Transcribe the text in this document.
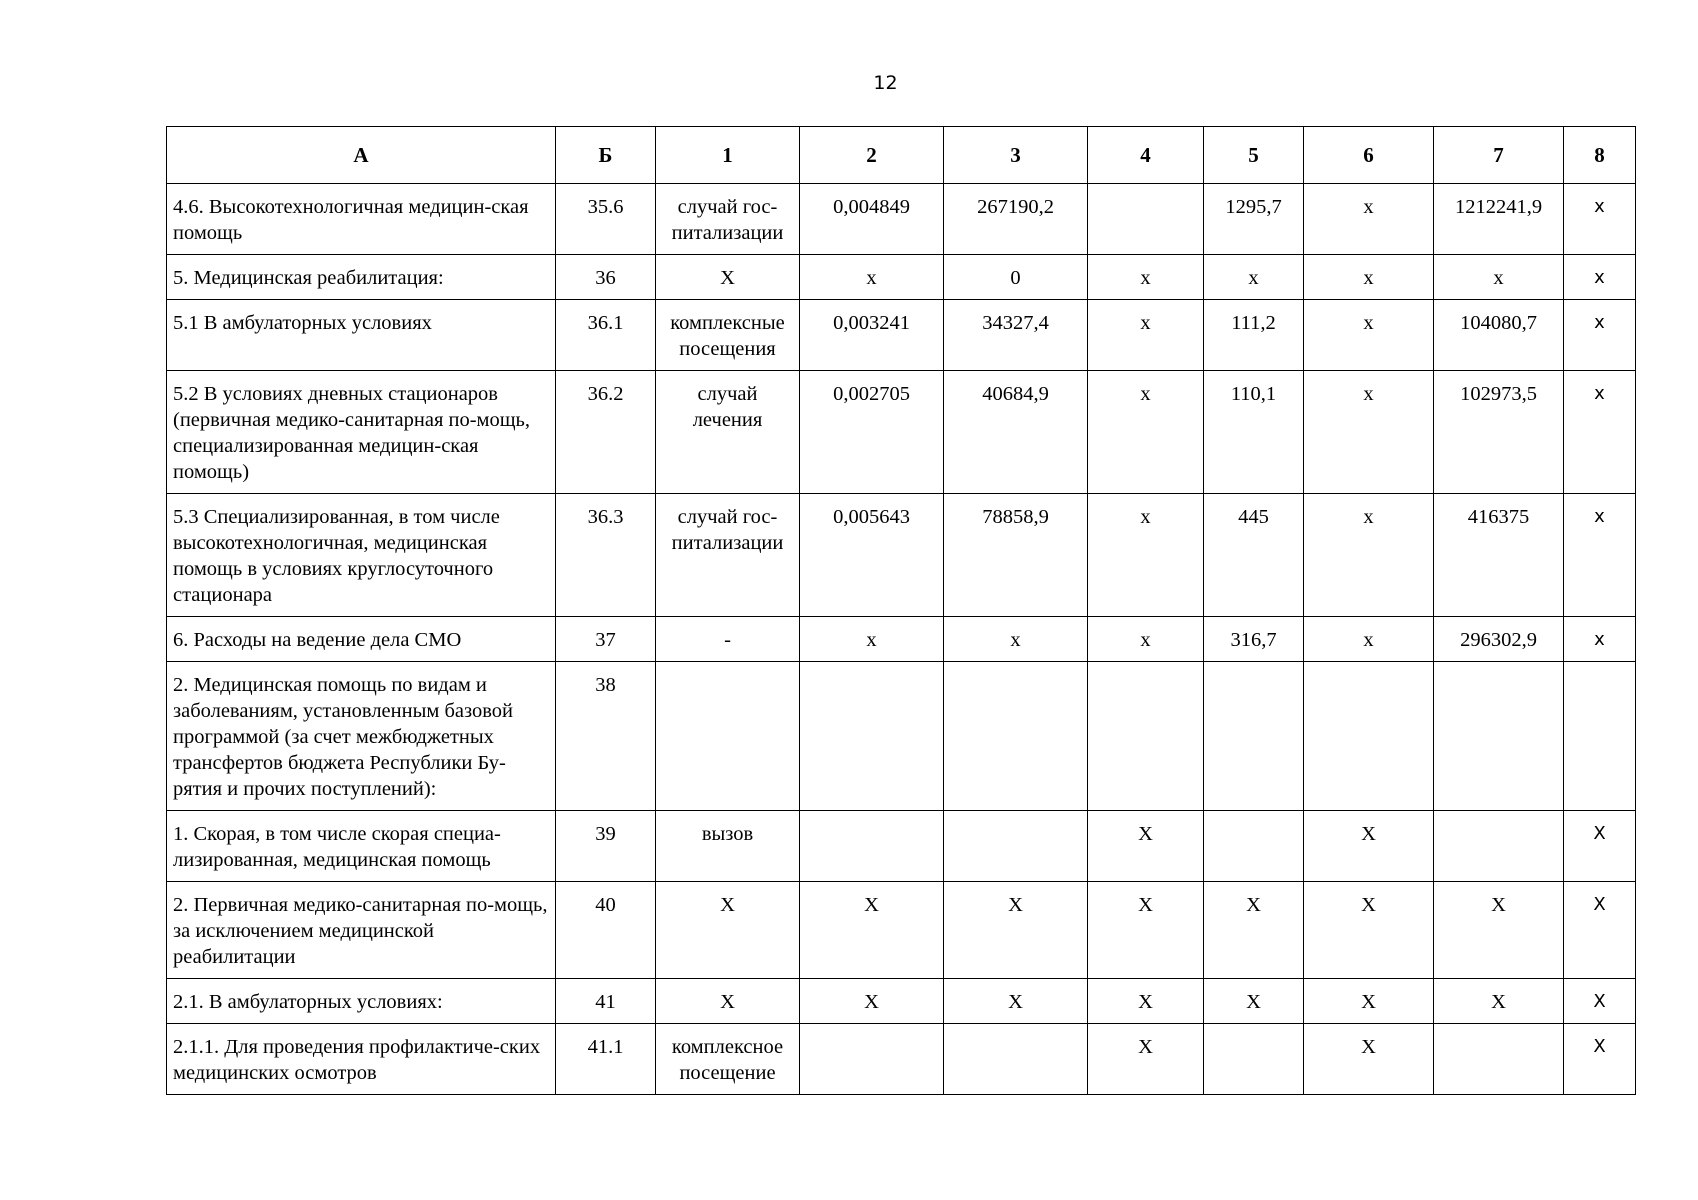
12
А	Б	1	2	3	4	5	6	7	8
4.6. Высокотехнологичная медицин-ская помощь	35.6	случай гос-питализации	0,004849	267190,2		1295,7	х	1212241,9	х
5. Медицинская реабилитация:	36	Х	х	0	х	х	х	х	х
5.1 В амбулаторных условиях	36.1	комплексные посещения	0,003241	34327,4	х	111,2	х	104080,7	х
5.2 В условиях дневных стационаров (первичная медико-санитарная по-мощь, специализированная медицин-ская помощь)	36.2	случай лечения	0,002705	40684,9	х	110,1	х	102973,5	х
5.3 Специализированная, в том числе высокотехнологичная, медицинская помощь в условиях круглосуточного стационара	36.3	случай гос-питализации	0,005643	78858,9	х	445	х	416375	х
6. Расходы на ведение дела СМО	37	-	х	х	х	316,7	х	296302,9	х
2. Медицинская помощь по видам и заболеваниям, установленным базовой программой (за счет межбюджетных трансфертов бюджета Республики Бу-рятия и прочих поступлений):	38								
1. Скорая, в том числе скорая специа-лизированная, медицинская помощь	39	вызов			Х		Х		Х
2. Первичная медико-санитарная по-мощь, за исключением медицинской реабилитации	40	Х	Х	Х	Х	Х	Х	Х	Х
2.1. В амбулаторных условиях:	41	Х	Х	Х	Х	Х	Х	Х	Х
2.1.1. Для проведения профилактиче-ских медицинских осмотров	41.1	комплексное посещение			Х		Х		Х
